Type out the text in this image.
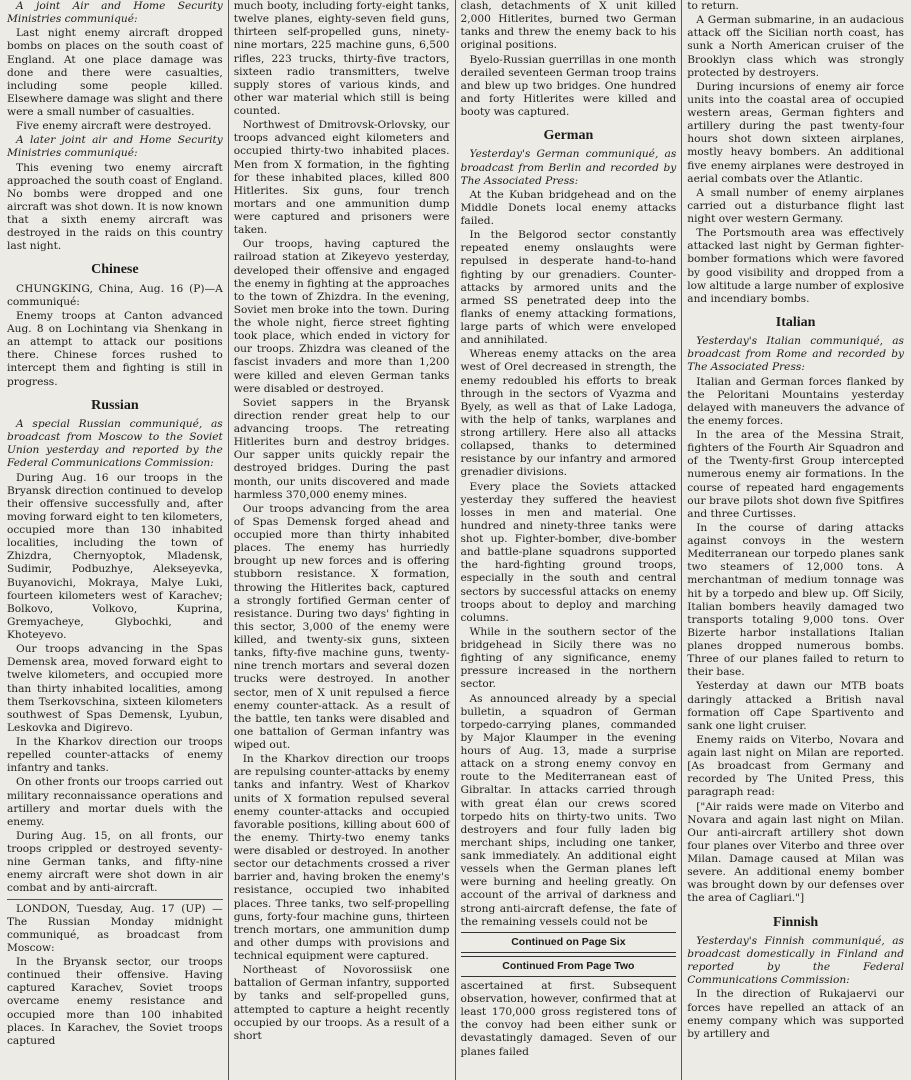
A joint Air and Home Security Ministries communiqué:

Last night enemy aircraft dropped bombs on places on the south coast of England. At one place damage was done and there were casualties, including some people killed. Elsewhere damage was slight and there were a small number of casualties.

Five enemy aircraft were destroyed.

A later joint air and Home Security Ministries communiqué:

This evening two enemy aircraft approached the south coast of England. No bombs were dropped and one aircraft was shot down. It is now known that a sixth enemy aircraft was destroyed in the raids on this country last night.

Chinese

CHUNGKING, China, Aug. 16 (P)—A communiqué:

Enemy troops at Canton advanced Aug. 8 on Lochintang via Shenkang in an attempt to attack our positions there. Chinese forces rushed to intercept them and fighting is still in progress.

Russian

A special Russian communiqué, as broadcast from Moscow to the Soviet Union yesterday and reported by the Federal Communications Commission:

During Aug. 16 our troops in the Bryansk direction continued to develop their offensive successfully and, after moving forward eight to ten kilometers, occupied more than 130 inhabited localities, including the town of Zhizdra, Chernyoptok, Mladensk, Sudimir, Podbuzhye, Alekseyevka, Buyanovichi, Mokraya, Malye Luki, fourteen kilometers west of Karachev; Bolkovo, Volkovo, Kuprina, Gremyacheye, Glybochki, and Khoteyevo.

Our troops advancing in the Spas Demensk area, moved forward eight to twelve kilometers, and occupied more than thirty inhabited localities, among them Tserkovschina, sixteen kilometers southwest of Spas Demensk, Lyubun, Leskovka and Digirevo.

In the Kharkov direction our troops repelled counter-attacks of enemy infantry and tanks.

On other fronts our troops carried out military reconnaissance operations and artillery and mortar duels with the enemy.

During Aug. 15, on all fronts, our troops crippled or destroyed seventy-nine German tanks, and fifty-nine enemy aircraft were shot down in air combat and by anti-aircraft.

LONDON, Tuesday, Aug. 17 (UP) —The Russian Monday midnight communiqué, as broadcast from Moscow:

In the Bryansk sector, our troops continued their offensive. Having captured Karachev, Soviet troops overcame enemy resistance and occupied more than 100 inhabited places. In Karachev, the Soviet troops captured

much booty, including forty-eight tanks, twelve planes, eighty-seven field guns, thirteen self-propelled guns, ninety-nine mortars, 225 machine guns, 6,500 rifles, 223 trucks, thirty-five tractors, sixteen radio transmitters, twelve supply stores of various kinds, and other war material which still is being counted.

Northwest of Dmitrovsk-Orlovsky, our troops advanced eight kilometers and occupied thirty-two inhabited places. Men from X formation, in the fighting for these inhabited places, killed 800 Hitlerites. Six guns, four trench mortars and one ammunition dump were captured and prisoners were taken.

Our troops, having captured the railroad station at Zikeyevo yesterday, developed their offensive and engaged the enemy in fighting at the approaches to the town of Zhizdra. In the evening, Soviet men broke into the town. During the whole night, fierce street fighting took place, which ended in victory for our troops. Zhizdra was cleaned of the fascist invaders and more than 1,200 were killed and eleven German tanks were disabled or destroyed.

Soviet sappers in the Bryansk direction render great help to our advancing troops. The retreating Hitlerites burn and destroy bridges. Our sapper units quickly repair the destroyed bridges. During the past month, our units discovered and made harmless 370,000 enemy mines.

Our troops advancing from the area of Spas Demensk forged ahead and occupied more than thirty inhabited places. The enemy has hurriedly brought up new forces and is offering stubborn resistance. X formation, throwing the Hitlerites back, captured a strongly fortified German center of resistance. During two days' fighting in this sector, 3,000 of the enemy were killed, and twenty-six guns, sixteen tanks, fifty-five machine guns, twenty-nine trench mortars and several dozen trucks were destroyed. In another sector, men of X unit repulsed a fierce enemy counter-attack. As a result of the battle, ten tanks were disabled and one battalion of German infantry was wiped out.

In the Kharkov direction our troops are repulsing counter-attacks by enemy tanks and infantry. West of Kharkov units of X formation repulsed several enemy counter-attacks and occupied favorable positions, killing about 600 of the enemy. Thirty-two enemy tanks were disabled or destroyed. In another sector our detachments crossed a river barrier and, having broken the enemy's resistance, occupied two inhabited places. Three tanks, two self-propelling guns, forty-four machine guns, thirteen trench mortars, one ammunition dump and other dumps with provisions and technical equipment were captured.

Northeast of Novorossiisk one battalion of German infantry, supported by tanks and self-propelled guns, attempted to capture a height recently occupied by our troops. As a result of a short

clash, detachments of X unit killed 2,000 Hitlerites, burned two German tanks and threw the enemy back to his original positions.

Byelo-Russian guerrillas in one month derailed seventeen German troop trains and blew up two bridges. One hundred and forty Hitlerites were killed and booty was captured.

German

Yesterday's German communiqué, as broadcast from Berlin and recorded by The Associated Press:

At the Kuban bridgehead and on the Middle Donets local enemy attacks failed.

In the Belgorod sector constantly repeated enemy onslaughts were repulsed in desperate hand-to-hand fighting by our grenadiers. Counter-attacks by armored units and the armed SS penetrated deep into the flanks of enemy attacking formations, large parts of which were enveloped and annihilated.

Whereas enemy attacks on the area west of Orel decreased in strength, the enemy redoubled his efforts to break through in the sectors of Vyazma and Byely, as well as that of Lake Ladoga, with the help of tanks, warplanes and strong artillery. Here also all attacks collapsed, thanks to determined resistance by our infantry and armored grenadier divisions.

Every place the Soviets attacked yesterday they suffered the heaviest losses in men and material. One hundred and ninety-three tanks were shot up. Fighter-bomber, dive-bomber and battle-plane squadrons supported the hard-fighting ground troops, especially in the south and central sectors by successful attacks on enemy troops about to deploy and marching columns.

While in the southern sector of the bridgehead in Sicily there was no fighting of any significance, enemy pressure increased in the northern sector.

As announced already by a special bulletin, a squadron of German torpedo-carrying planes, commanded by Major Klaumper in the evening hours of Aug. 13, made a surprise attack on a strong enemy convoy en route to the Mediterranean east of Gibraltar. In attacks carried through with great élan our crews scored torpedo hits on thirty-two units. Two destroyers and four fully laden big merchant ships, including one tanker, sank immediately. An additional eight vessels when the German planes left were burning and heeling greatly. On account of the arrival of darkness and strong anti-aircraft defense, the fate of the remaining vessels could not be

Continued on Page Six
Continued From Page Two

ascertained at first. Subsequent observation, however, confirmed that at least 170,000 gross registered tons of the convoy had been either sunk or devastatingly damaged. Seven of our planes failed

to return.

A German submarine, in an audacious attack off the Sicilian north coast, has sunk a North American cruiser of the Brooklyn class which was strongly protected by destroyers.

During incursions of enemy air force units into the coastal area of occupied western areas, German fighters and artillery during the past twenty-four hours shot down sixteen airplanes, mostly heavy bombers. An additional five enemy airplanes were destroyed in aerial combats over the Atlantic.

A small number of enemy airplanes carried out a disturbance flight last night over western Germany.

The Portsmouth area was effectively attacked last night by German fighter-bomber formations which were favored by good visibility and dropped from a low altitude a large number of explosive and incendiary bombs.

Italian

Yesterday's Italian communiqué, as broadcast from Rome and recorded by The Associated Press:

Italian and German forces flanked by the Peloritani Mountains yesterday delayed with maneuvers the advance of the enemy forces.

In the area of the Messina Strait, fighters of the Fourth Air Squadron and of the Twenty-first Group intercepted numerous enemy air formations. In the course of repeated hard engagements our brave pilots shot down five Spitfires and three Curtisses.

In the course of daring attacks against convoys in the western Mediterranean our torpedo planes sank two steamers of 12,000 tons. A merchantman of medium tonnage was hit by a torpedo and blew up. Off Sicily, Italian bombers heavily damaged two transports totaling 9,000 tons. Over Bizerte harbor installations Italian planes dropped numerous bombs. Three of our planes failed to return to their base.

Yesterday at dawn our MTB boats daringly attacked a British naval formation off Cape Spartivento and sank one light cruiser.

Enemy raids on Viterbo, Novara and again last night on Milan are reported. [As broadcast from Germany and recorded by The United Press, this paragraph read:

["Air raids were made on Viterbo and Novara and again last night on Milan. Our anti-aircraft artillery shot down four planes over Viterbo and three over Milan. Damage caused at Milan was severe. An additional enemy bomber was brought down by our defenses over the area of Cagliari."]

Finnish

Yesterday's Finnish communiqué, as broadcast domestically in Finland and reported by the Federal Communications Commission:

In the direction of Rukajaervi our forces have repelled an attack of an enemy company which was supported by artillery and
